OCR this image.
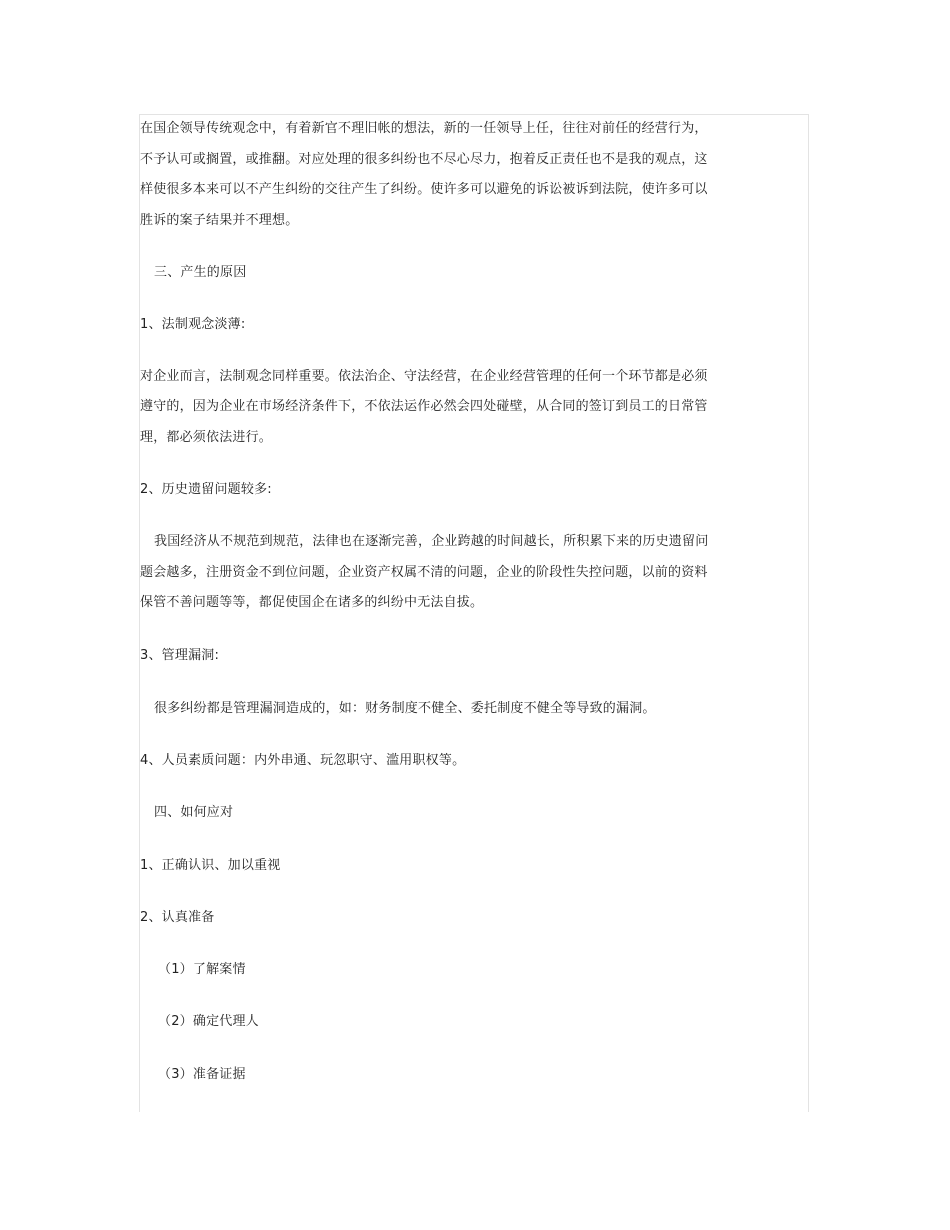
在国企领导传统观念中，有着新官不理旧帐的想法，新的一任领导上任，往往对前任的经营行为，
不予认可或搁置，或推翻。对应处理的很多纠纷也不尽心尽力，抱着反正责任也不是我的观点，这
样使很多本来可以不产生纠纷的交往产生了纠纷。使许多可以避免的诉讼被诉到法院，使许多可以
胜诉的案子结果并不理想。
三、产生的原因
1、法制观念淡薄:
对企业而言，法制观念同样重要。依法治企、守法经营，在企业经营管理的任何一个环节都是必须
遵守的，因为企业在市场经济条件下，不依法运作必然会四处碰壁，从合同的签订到员工的日常管
理，都必须依法进行。
2、历史遗留问题较多:
我国经济从不规范到规范，法律也在逐渐完善，企业跨越的时间越长，所积累下来的历史遗留问
题会越多，注册资金不到位问题，企业资产权属不清的问题，企业的阶段性失控问题，以前的资料
保管不善问题等等，都促使国企在诸多的纠纷中无法自拔。
3、管理漏洞:
很多纠纷都是管理漏洞造成的，如：财务制度不健全、委托制度不健全等导致的漏洞。
4、人员素质问题：内外串通、玩忽职守、滥用职权等。
四、如何应对
1、正确认识、加以重视
2、认真准备
（1）了解案情
（2）确定代理人
（3）准备证据
